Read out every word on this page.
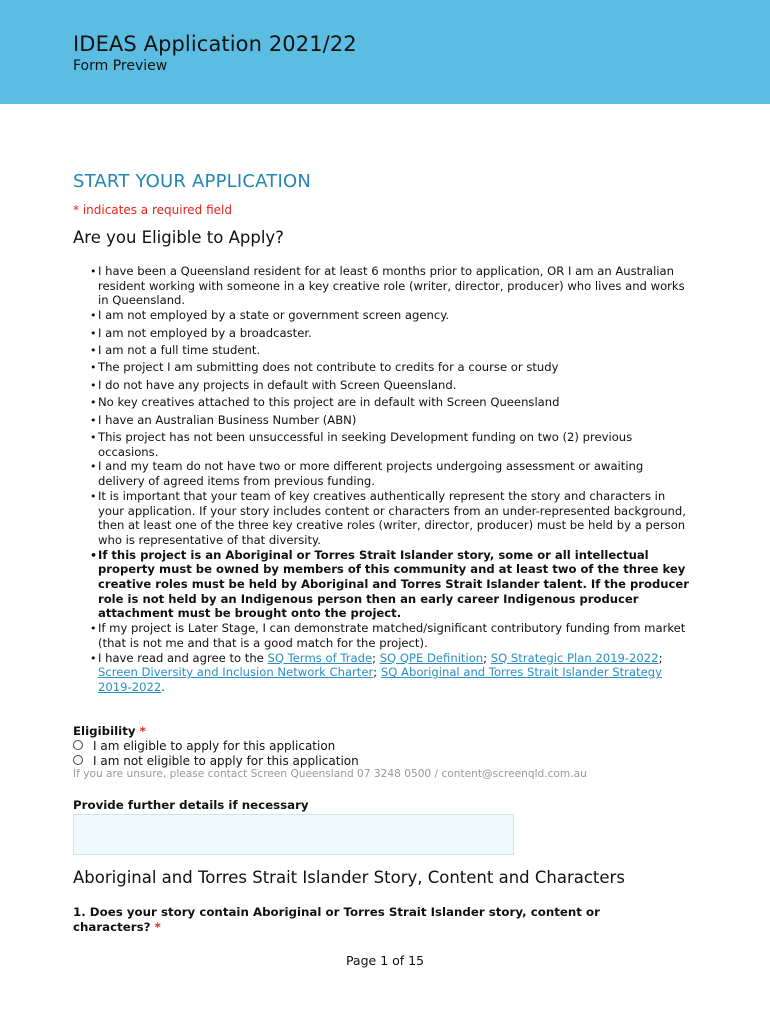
IDEAS Application 2021/22
Form Preview
START YOUR APPLICATION
* indicates a required field
Are you Eligible to Apply?
• I have been a Queensland resident for at least 6 months prior to application, OR I am an Australian resident working with someone in a key creative role (writer, director, producer) who lives and works in Queensland.
• I am not employed by a state or government screen agency.
• I am not employed by a broadcaster.
• I am not a full time student.
• The project I am submitting does not contribute to credits for a course or study
• I do not have any projects in default with Screen Queensland.
• No key creatives attached to this project are in default with Screen Queensland
• I have an Australian Business Number (ABN)
• This project has not been unsuccessful in seeking Development funding on two (2) previous occasions.
• I and my team do not have two or more different projects undergoing assessment or awaiting delivery of agreed items from previous funding.
• It is important that your team of key creatives authentically represent the story and characters in your application. If your story includes content or characters from an under-represented background, then at least one of the three key creative roles (writer, director, producer) must be held by a person who is representative of that diversity.
• If this project is an Aboriginal or Torres Strait Islander story, some or all intellectual property must be owned by members of this community and at least two of the three key creative roles must be held by Aboriginal and Torres Strait Islander talent. If the producer role is not held by an Indigenous person then an early career Indigenous producer attachment must be brought onto the project.
• If my project is Later Stage, I can demonstrate matched/significant contributory funding from market (that is not me and that is a good match for the project).
• I have read and agree to the SQ Terms of Trade; SQ QPE Definition; SQ Strategic Plan 2019-2022; Screen Diversity and Inclusion Network Charter; SQ Aboriginal and Torres Strait Islander Strategy 2019-2022.
Eligibility *
I am eligible to apply for this application
I am not eligible to apply for this application
If you are unsure, please contact Screen Queensland 07 3248 0500 / content@screenqld.com.au
Provide further details if necessary
Aboriginal and Torres Strait Islander Story, Content and Characters
1. Does your story contain Aboriginal or Torres Strait Islander story, content or characters? *
Page 1 of 15
